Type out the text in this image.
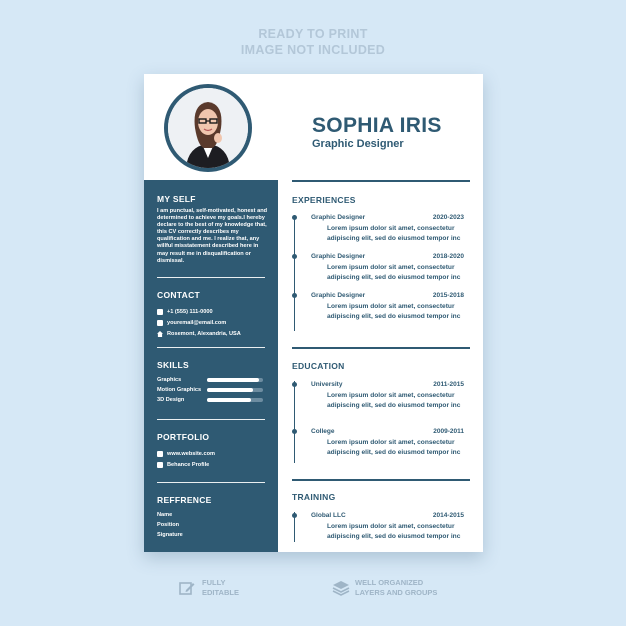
READY TO PRINT
IMAGE NOT INCLUDED
SOPHIA IRIS
Graphic Designer
MY SELF
I am punctual, self-motivated, honest and determined to achieve my goals.I hereby declare to the best of my knowledge that, this CV correctly describes my qualification and me. I realize that, any willful misstatement described here in may result me in disqualification or dismissal.
CONTACT
+1 (555) 111-0000
youremail@email.com
Rosemont, Alexandria, USA
SKILLS
Graphics
Motion Graphics
3D Design
PORTFOLIO
www.website.com
Behance Profile
REFFRENCE
Name
Position
Signature
EXPERIENCES
Graphic Designer	2020-2023
Lorem ipsum dolor sit amet, consectetur
adipiscing elit, sed do eiusmod tempor inc
Graphic Designer	2018-2020
Lorem ipsum dolor sit amet, consectetur
adipiscing elit, sed do eiusmod tempor inc
Graphic Designer	2015-2018
Lorem ipsum dolor sit amet, consectetur
adipiscing elit, sed do eiusmod tempor inc
EDUCATION
University	2011-2015
Lorem ipsum dolor sit amet, consectetur
adipiscing elit, sed do eiusmod tempor inc
College	2009-2011
Lorem ipsum dolor sit amet, consectetur
adipiscing elit, sed do eiusmod tempor inc
TRAINING
Global LLC	2014-2015
Lorem ipsum dolor sit amet, consectetur
adipiscing elit, sed do eiusmod tempor inc
FULLY
EDITABLE
WELL ORGANIZED
LAYERS AND GROUPS
